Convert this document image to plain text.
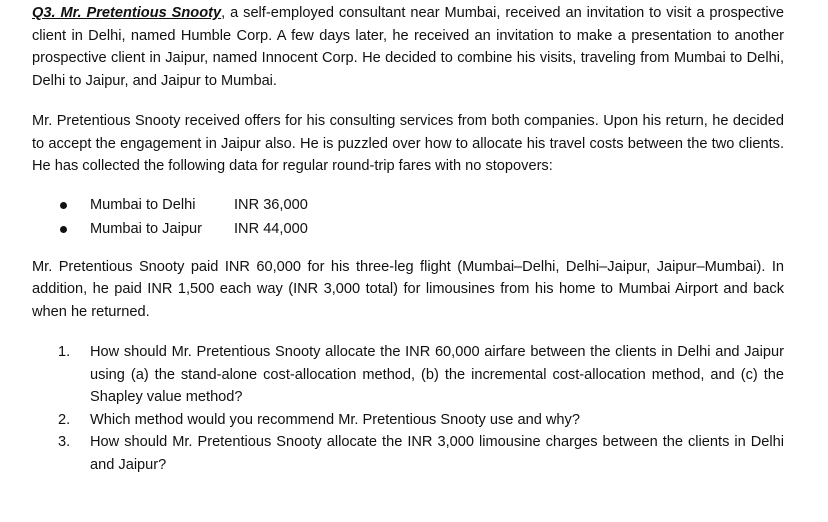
Q3. Mr. Pretentious Snooty, a self-employed consultant near Mumbai, received an invitation to visit a prospective client in Delhi, named Humble Corp. A few days later, he received an invitation to make a presentation to another prospective client in Jaipur, named Innocent Corp. He decided to combine his visits, traveling from Mumbai to Delhi, Delhi to Jaipur, and Jaipur to Mumbai.

Mr. Pretentious Snooty received offers for his consulting services from both companies. Upon his return, he decided to accept the engagement in Jaipur also. He is puzzled over how to allocate his travel costs between the two clients. He has collected the following data for regular round-trip fares with no stopovers:

Mumbai to Delhi	INR 36,000
Mumbai to Jaipur INR 44,000

Mr. Pretentious Snooty paid INR 60,000 for his three-leg flight (Mumbai–Delhi, Delhi–Jaipur, Jaipur–Mumbai). In addition, he paid INR 1,500 each way (INR 3,000 total) for limousines from his home to Mumbai Airport and back when he returned.

1.	How should Mr. Pretentious Snooty allocate the INR 60,000 airfare between the clients in Delhi and Jaipur using (a) the stand-alone cost-allocation method, (b) the incremental cost-allocation method, and (c) the Shapley value method?
2.	Which method would you recommend Mr. Pretentious Snooty use and why?
3.	How should Mr. Pretentious Snooty allocate the INR 3,000 limousine charges between the clients in Delhi and Jaipur?
